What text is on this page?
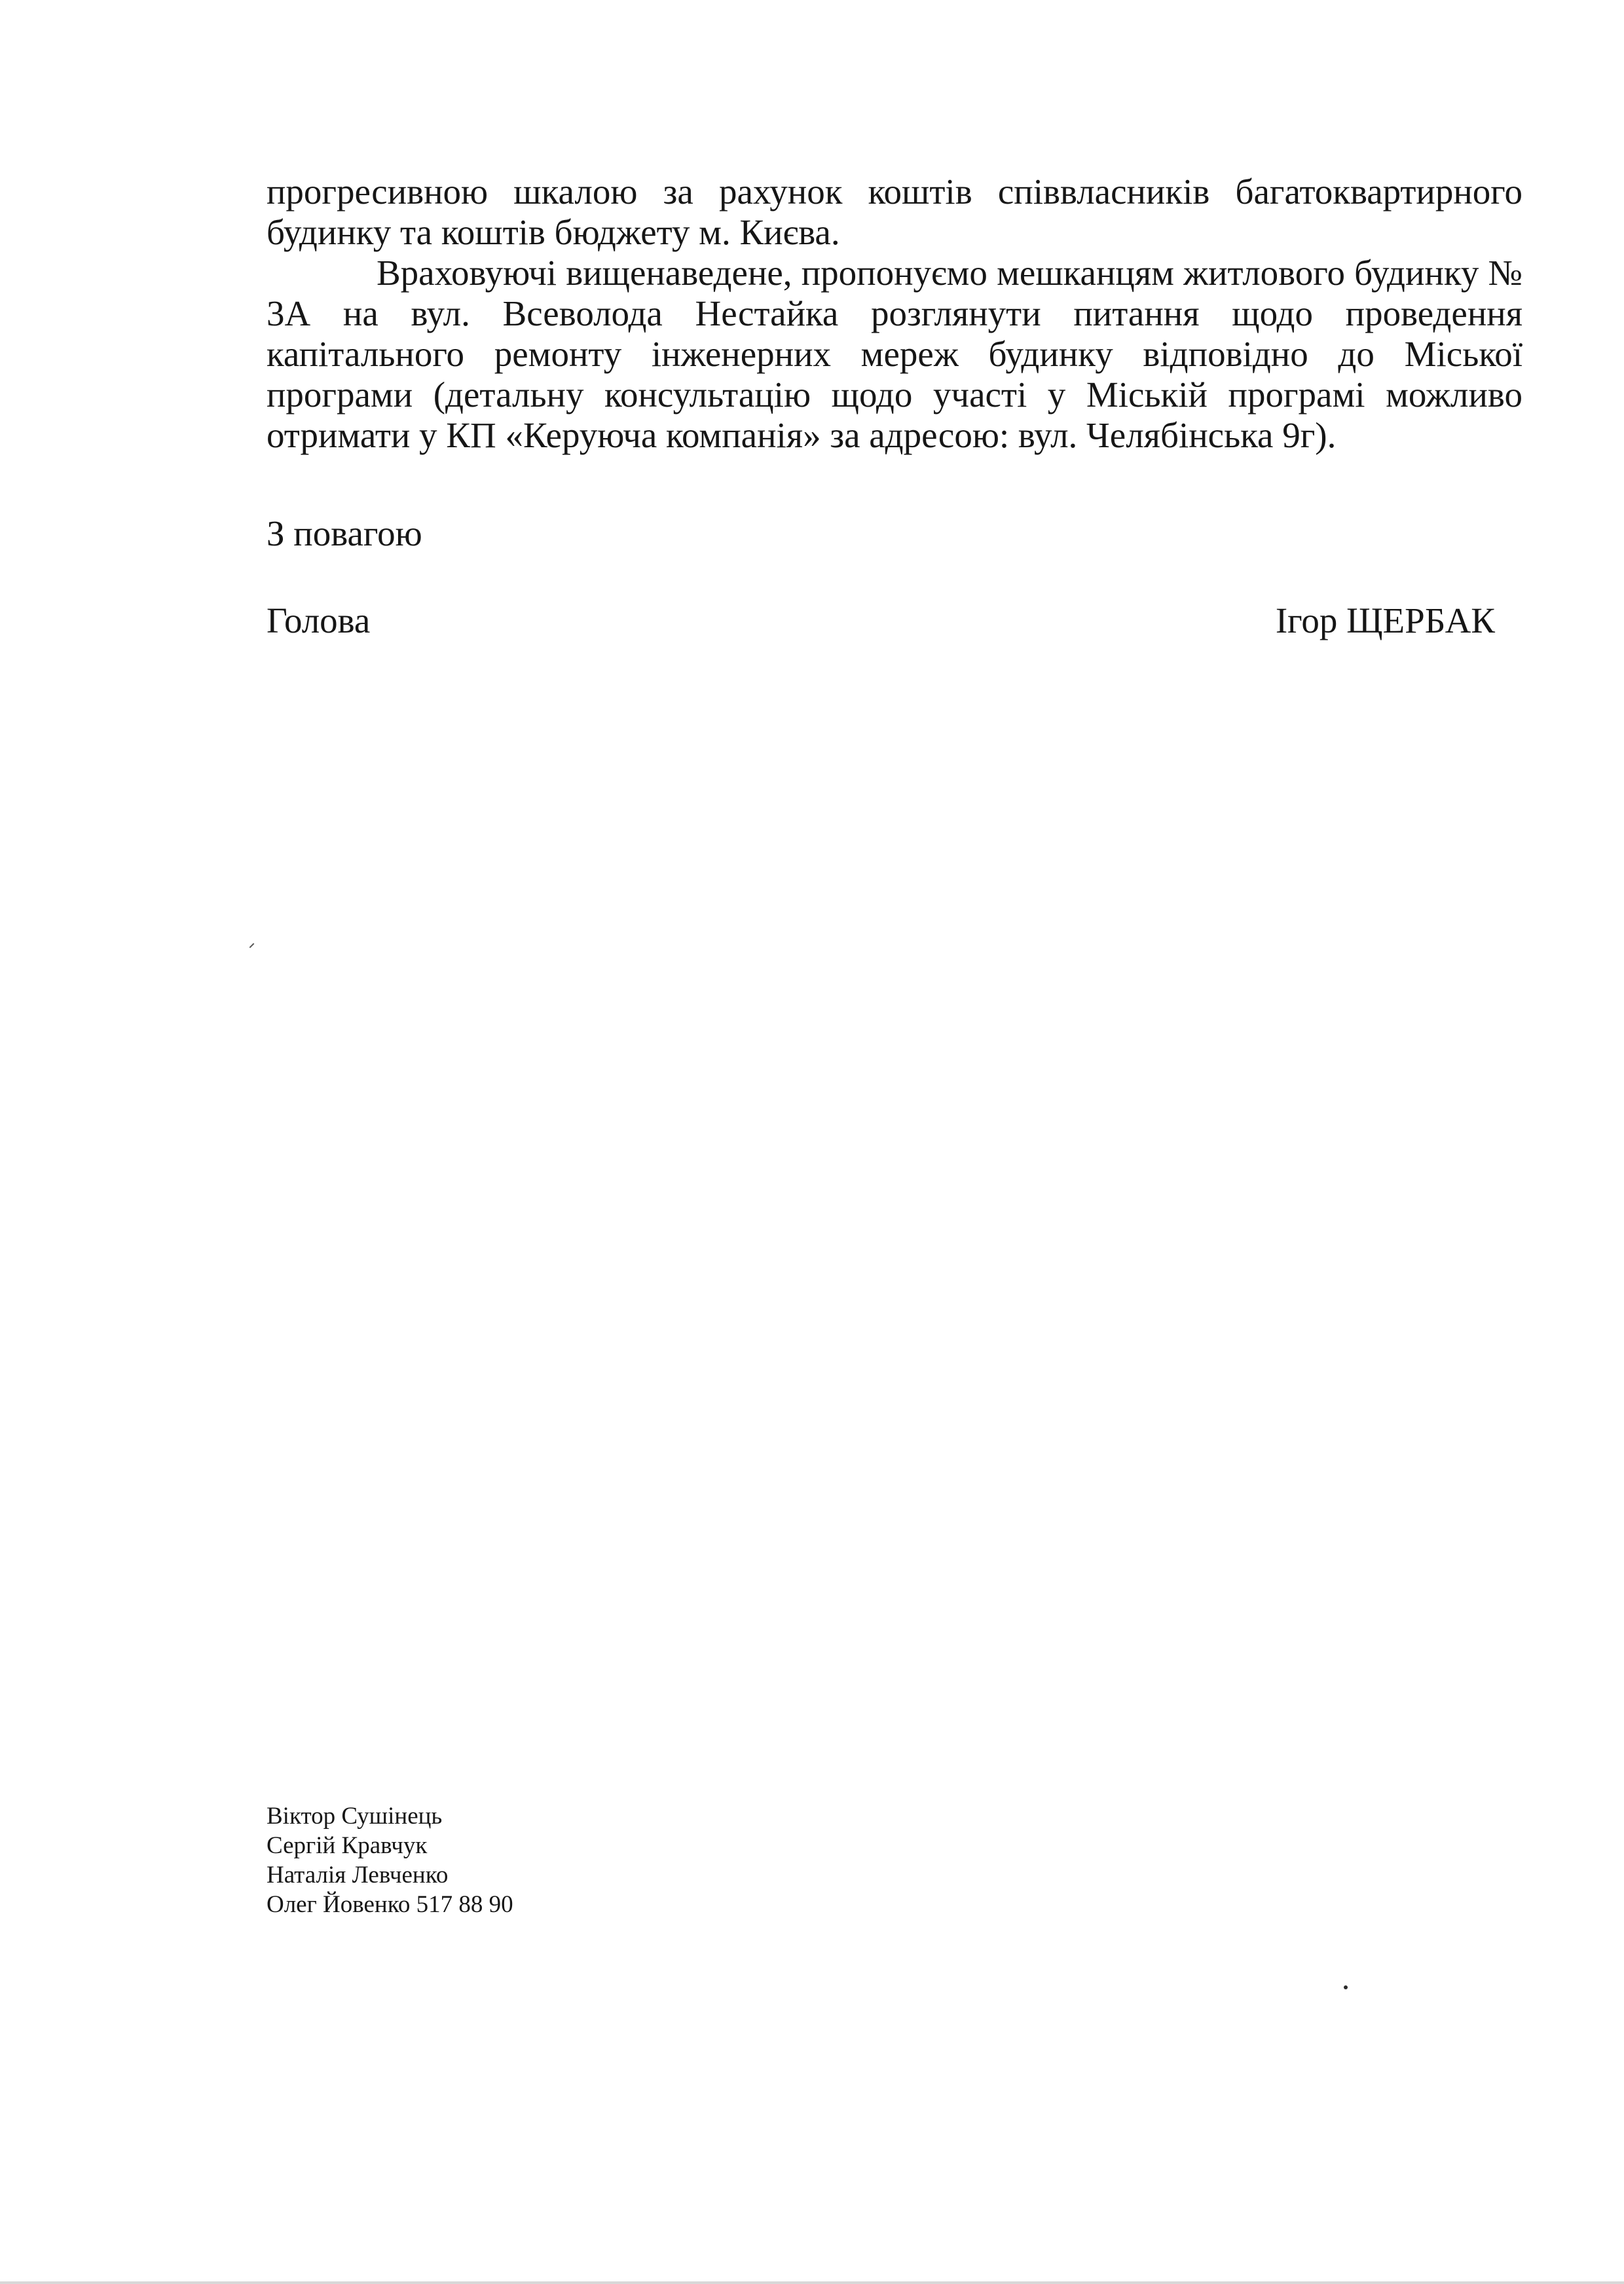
прогресивною шкалою за рахунок коштів співвласників багатоквартирного будинку та коштів бюджету м. Києва.

Враховуючі вищенаведене, пропонуємо мешканцям житлового будинку № 3А на вул. Всеволода Нестайка розглянути питання щодо проведення капітального ремонту інженерних мереж будинку відповідно до Міської програми (детальну консультацію щодо участі у Міській програмі можливо отримати у КП «Керуюча компанія» за адресою: вул. Челябінська 9г).

З повагою

Голова	Ігор ЩЕРБАК

Віктор Сушінець
Сергій Кравчук
Наталія Левченко
Олег Йовенко 517 88 90
